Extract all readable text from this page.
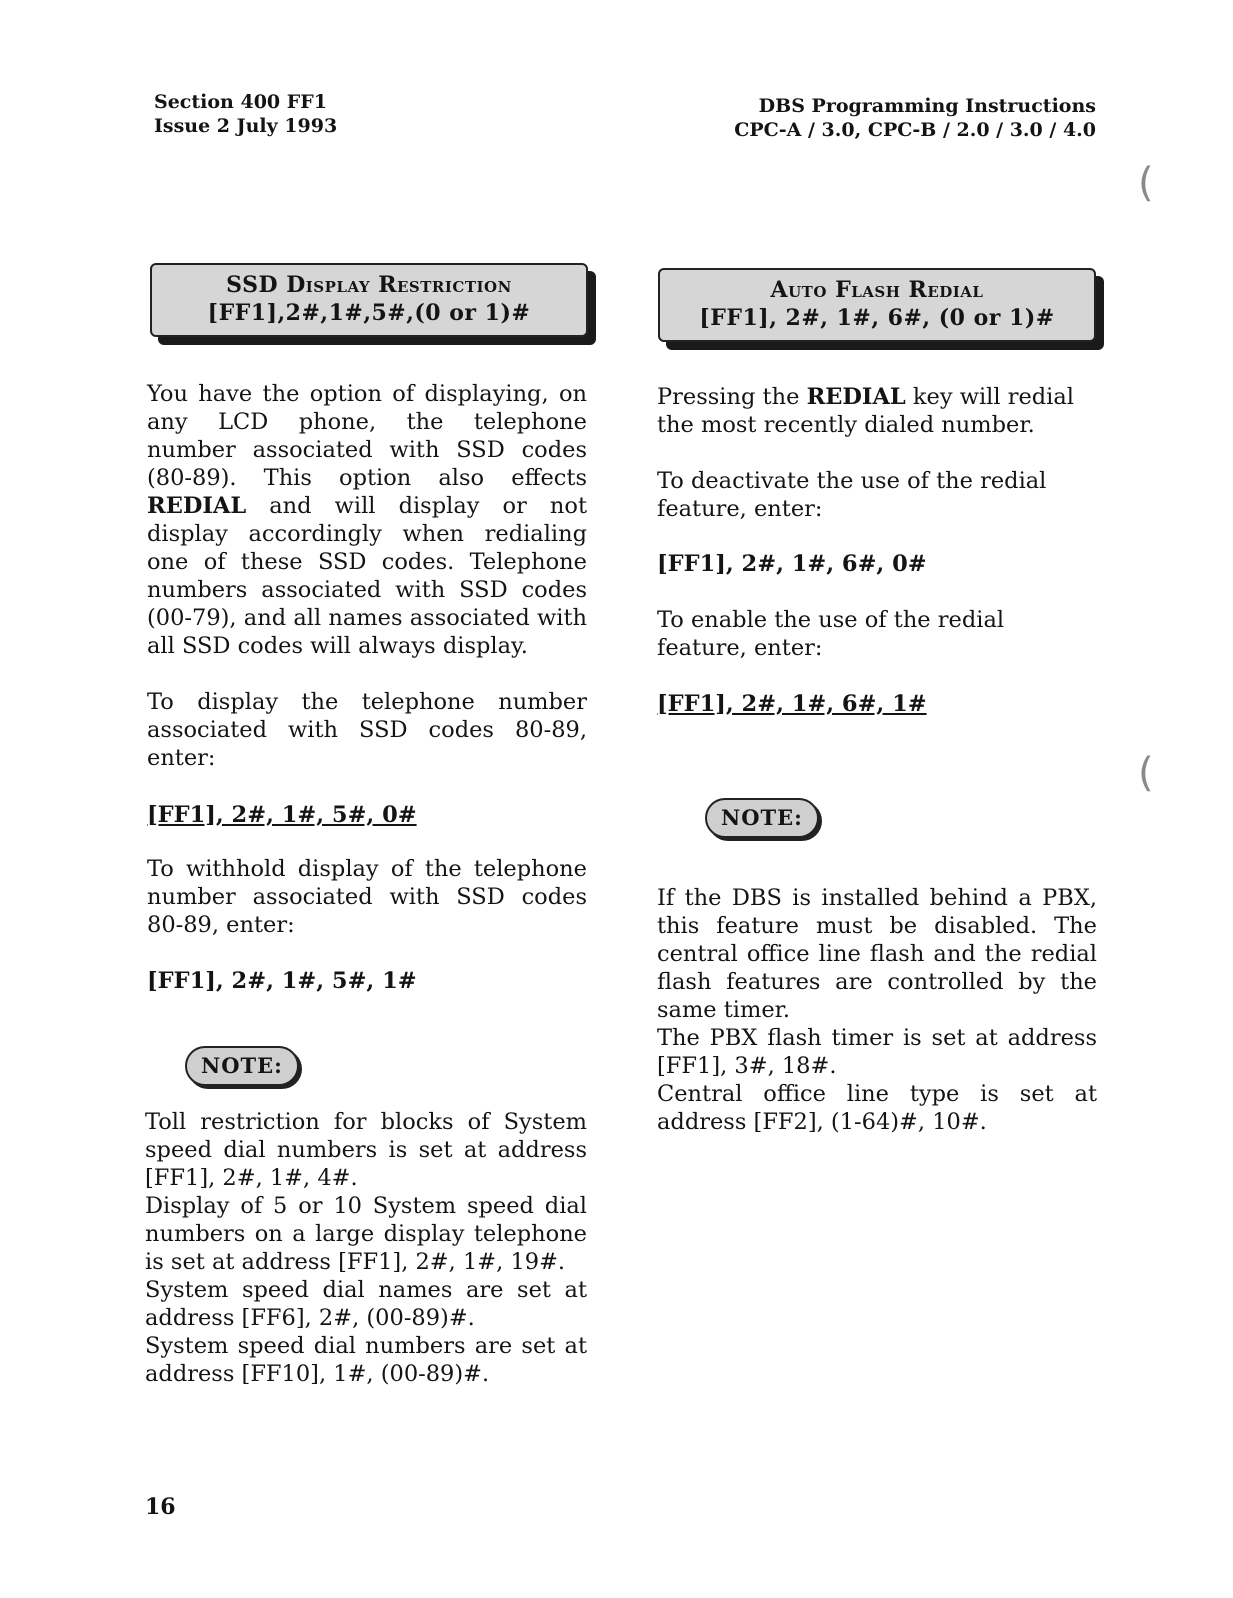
Section 400 FF1
Issue 2 July 1993
DBS Programming Instructions
CPC-A / 3.0, CPC-B / 2.0 / 3.0 / 4.0
(
(
SSD Display Restriction
[FF1],2#,1#,5#,(0 or 1)#
Auto Flash Redial
[FF1], 2#, 1#, 6#, (0 or 1)#

You have the option of displaying, on any LCD phone, the telephone number associated with SSD codes (80-89). This option also effects REDIAL and will display or not display accordingly when redialing one of these SSD codes. Telephone numbers associated with SSD codes (00-79), and all names associated with all SSD codes will always display.

To display the telephone number associated with SSD codes 80-89, enter:

[FF1], 2#, 1#, 5#, 0#

To withhold display of the telephone number associated with SSD codes 80-89, enter:

[FF1], 2#, 1#, 5#, 1#
NOTE:

Toll restriction for blocks of System speed dial numbers is set at address [FF1], 2#, 1#, 4#.

Display of 5 or 10 System speed dial numbers on a large display telephone is set at address [FF1], 2#, 1#, 19#.

System speed dial names are set at address [FF6], 2#, (00-89)#.

System speed dial numbers are set at address [FF10], 1#, (00-89)#.

Pressing the REDIAL key will redial the most recently dialed number.

To deactivate the use of the redial feature, enter:
[FF1], 2#, 1#, 6#, 0#
To enable the use of the redial feature, enter:
[FF1], 2#, 1#, 6#, 1#
NOTE:

If the DBS is installed behind a PBX, this feature must be disabled. The central office line flash and the redial flash features are controlled by the same timer.

The PBX flash timer is set at address [FF1], 3#, 18#.

Central office line type is set at address [FF2], (1-64)#, 10#.

16
